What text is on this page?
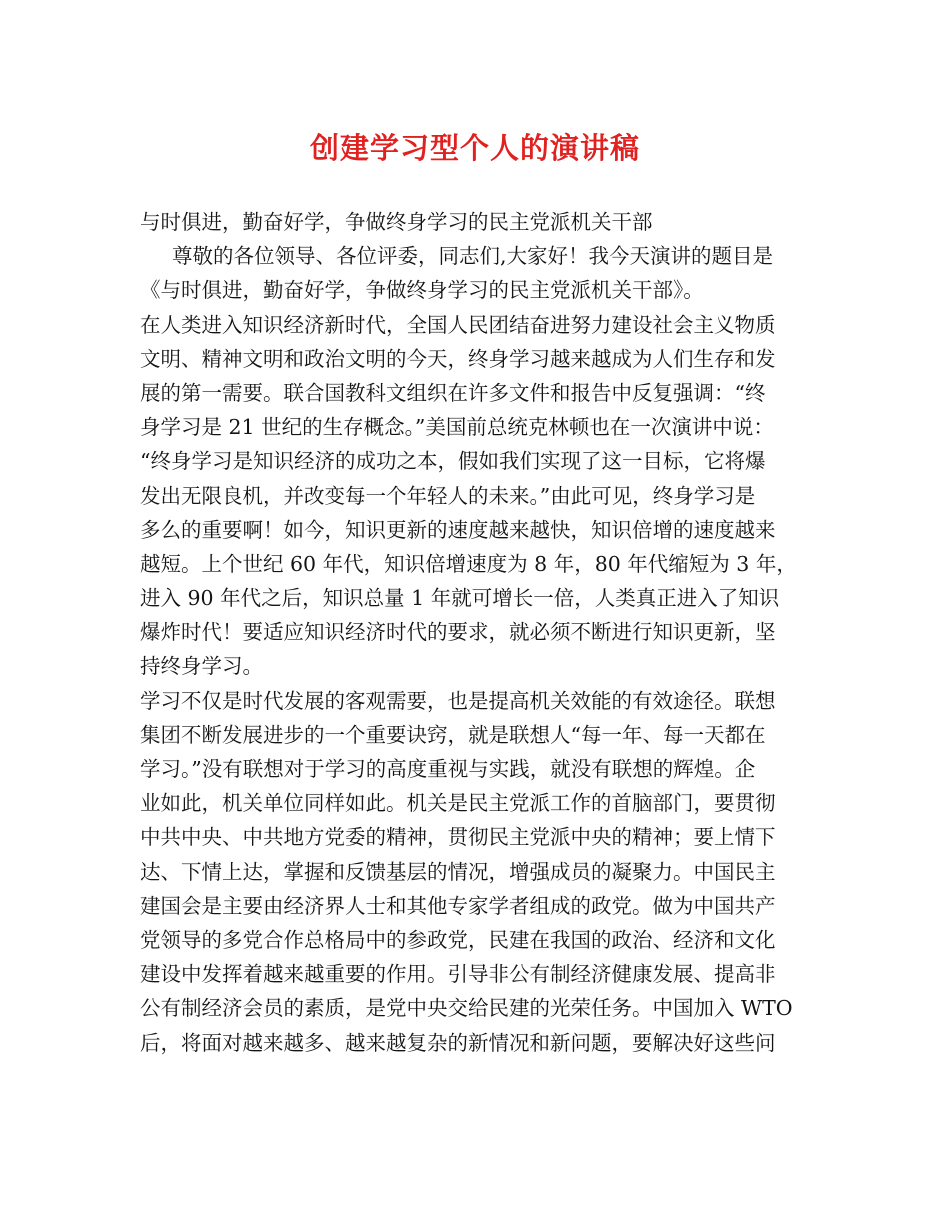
创建学习型个人的演讲稿
与时俱进，勤奋好学，争做终身学习的民主党派机关干部
尊敬的各位领导、各位评委，同志们,大家好！我今天演讲的题目是
《与时俱进，勤奋好学，争做终身学习的民主党派机关干部》。
在人类进入知识经济新时代，全国人民团结奋进努力建设社会主义物质
文明、精神文明和政治文明的今天，终身学习越来越成为人们生存和发
展的第一需要。联合国教科文组织在许多文件和报告中反复强调：“终
身学习是 21 世纪的生存概念。”美国前总统克林顿也在一次演讲中说：
“终身学习是知识经济的成功之本，假如我们实现了这一目标，它将爆
发出无限良机，并改变每一个年轻人的未来。”由此可见，终身学习是
多么的重要啊！如今，知识更新的速度越来越快，知识倍增的速度越来
越短。上个世纪 60 年代，知识倍增速度为 8 年，80 年代缩短为 3 年，
进入 90 年代之后，知识总量 1 年就可增长一倍，人类真正进入了知识
爆炸时代！要适应知识经济时代的要求，就必须不断进行知识更新，坚
持终身学习。
学习不仅是时代发展的客观需要，也是提高机关效能的有效途径。联想
集团不断发展进步的一个重要诀窍，就是联想人“每一年、每一天都在
学习。”没有联想对于学习的高度重视与实践，就没有联想的辉煌。企
业如此，机关单位同样如此。机关是民主党派工作的首脑部门，要贯彻
中共中央、中共地方党委的精神，贯彻民主党派中央的精神；要上情下
达、下情上达，掌握和反馈基层的情况，增强成员的凝聚力。中国民主
建国会是主要由经济界人士和其他专家学者组成的政党。做为中国共产
党领导的多党合作总格局中的参政党，民建在我国的政治、经济和文化
建设中发挥着越来越重要的作用。引导非公有制经济健康发展、提高非
公有制经济会员的素质，是党中央交给民建的光荣任务。中国加入 WTO
后，将面对越来越多、越来越复杂的新情况和新问题，要解决好这些问
